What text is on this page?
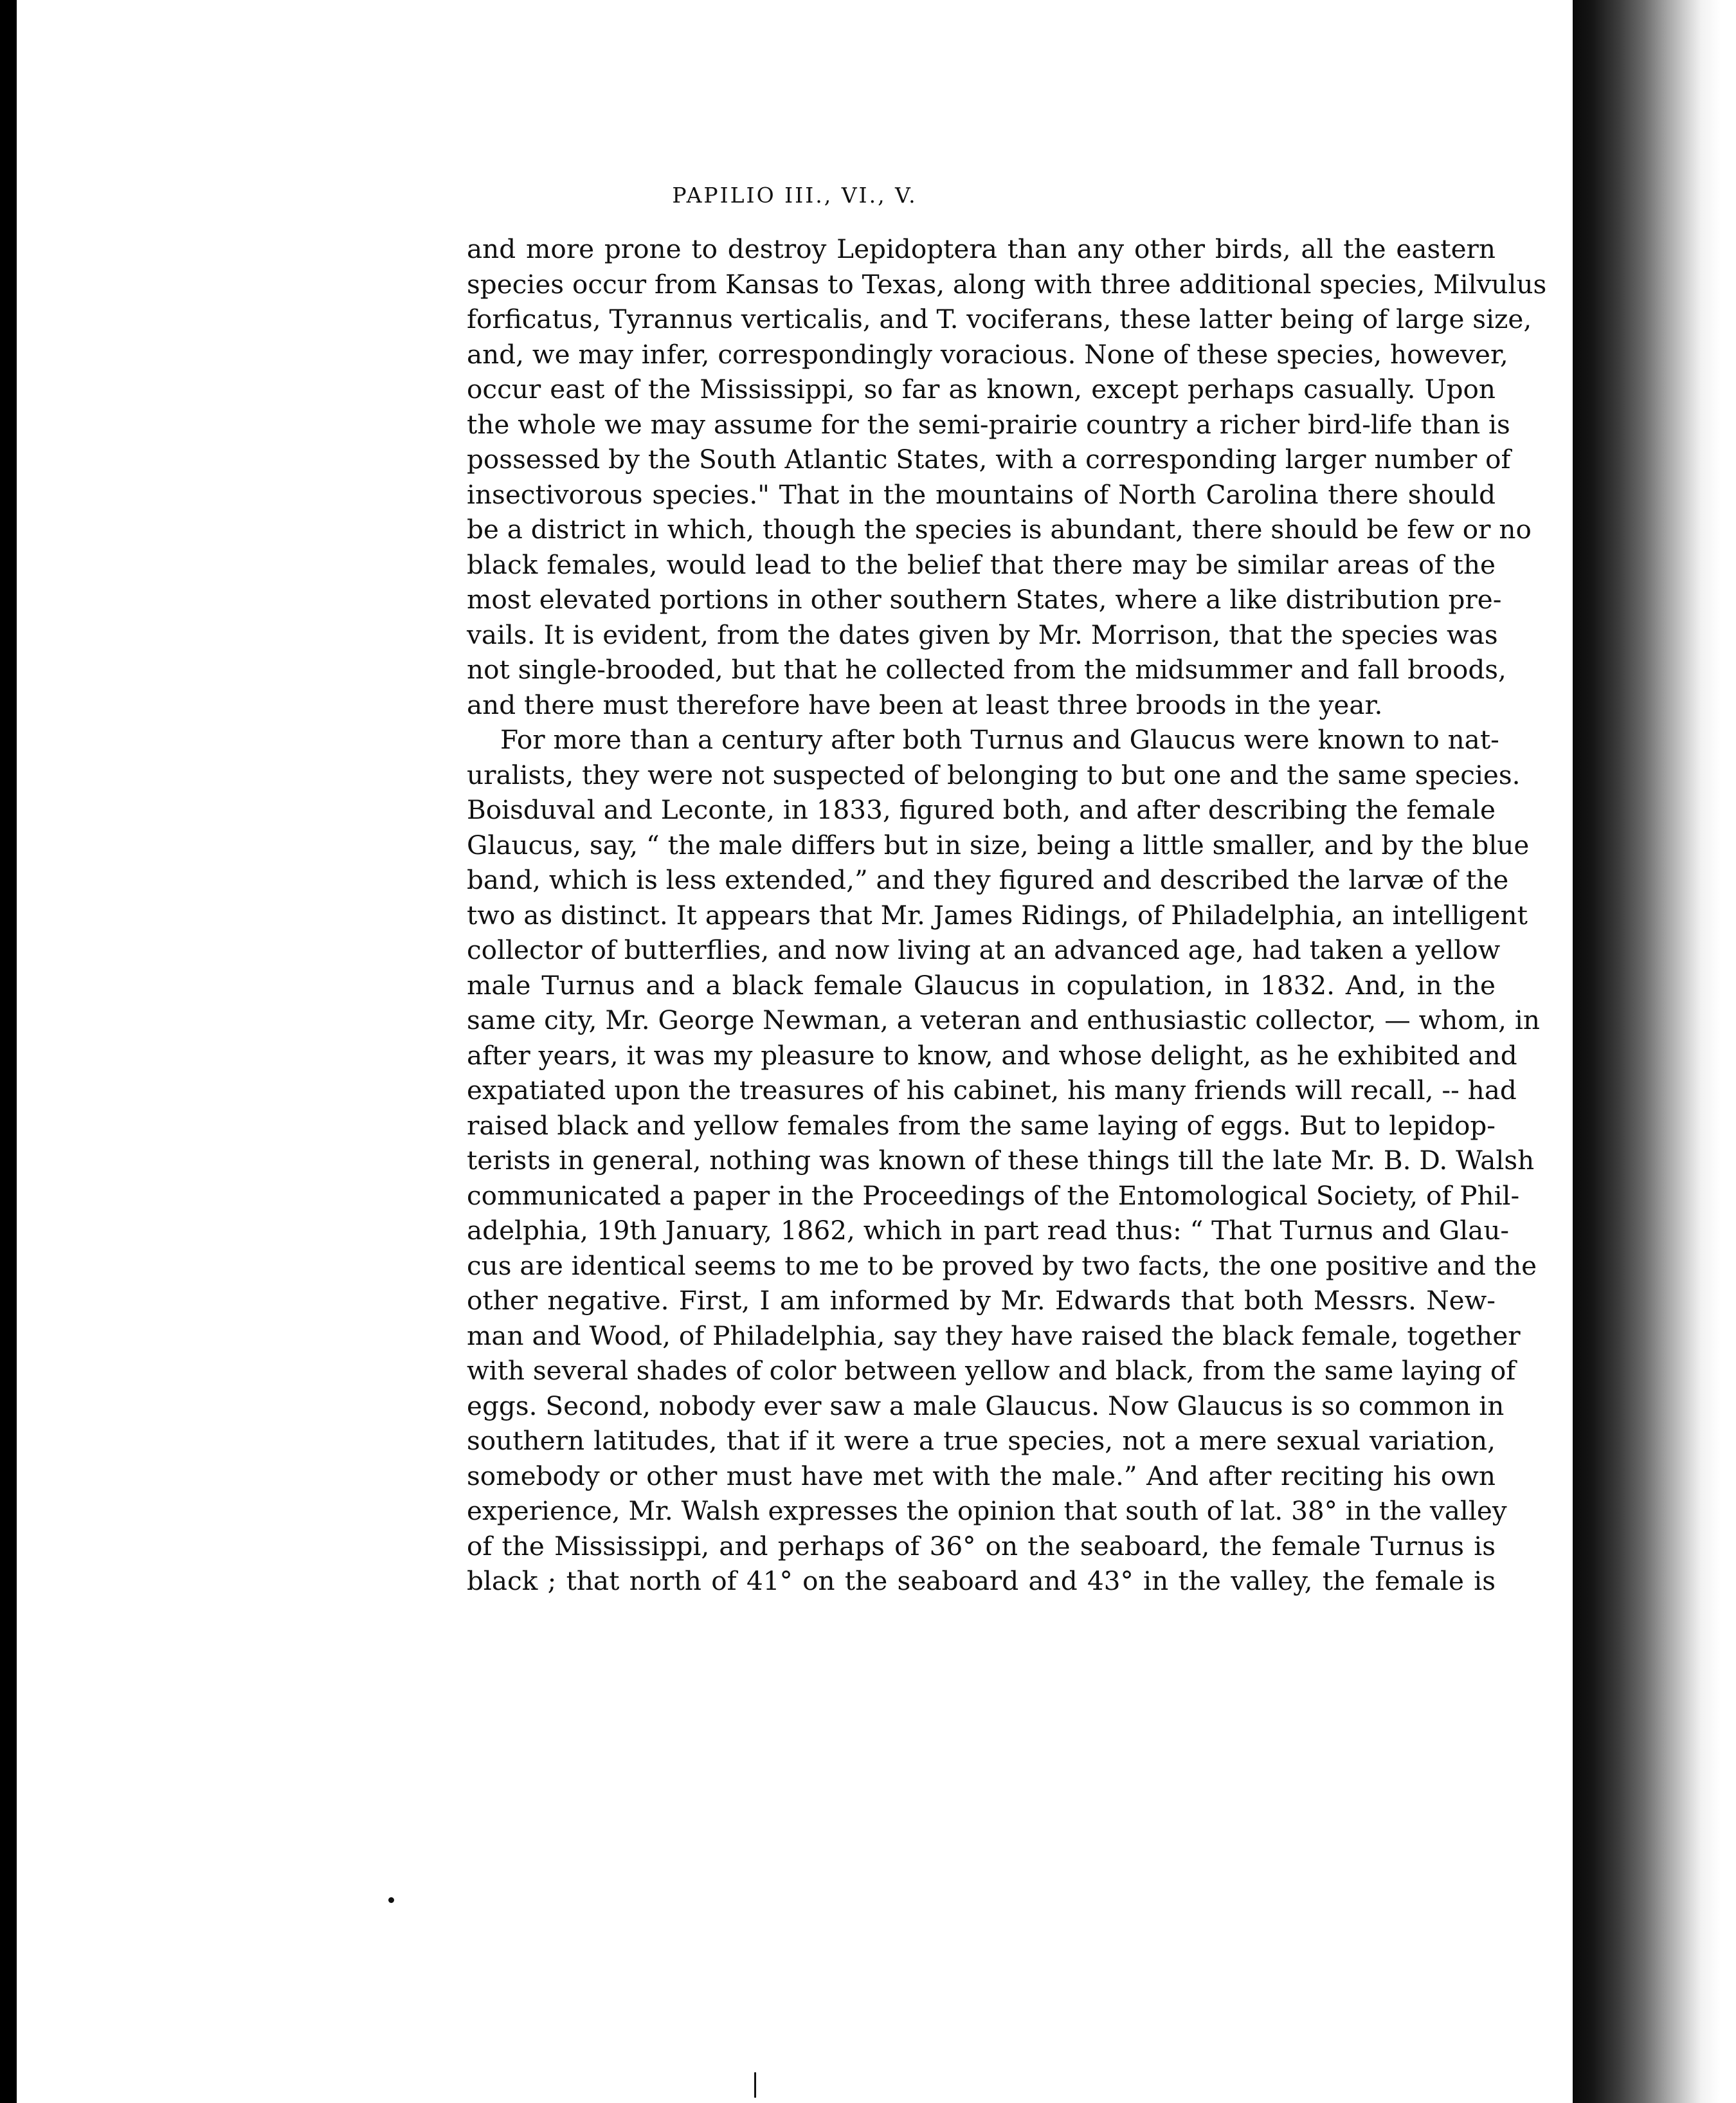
PAPILIO III., VI., V.
and more prone to destroy Lepidoptera than any other birds, all the eastern
species occur from Kansas to Texas, along with three additional species, Milvulus
forficatus, Tyrannus verticalis, and T. vociferans, these latter being of large size,
and, we may infer, correspondingly voracious. None of these species, however,
occur east of the Mississippi, so far as known, except perhaps casually. Upon
the whole we may assume for the semi-prairie country a richer bird-life than is
possessed by the South Atlantic States, with a corresponding larger number of
insectivorous species." That in the mountains of North Carolina there should
be a district in which, though the species is abundant, there should be few or no
black females, would lead to the belief that there may be similar areas of the
most elevated portions in other southern States, where a like distribution pre-
vails. It is evident, from the dates given by Mr. Morrison, that the species was
not single-brooded, but that he collected from the midsummer and fall broods,
and there must therefore have been at least three broods in the year.
For more than a century after both Turnus and Glaucus were known to nat-
uralists, they were not suspected of belonging to but one and the same species.
Boisduval and Leconte, in 1833, figured both, and after describing the female
Glaucus, say, “ the male differs but in size, being a little smaller, and by the blue
band, which is less extended,” and they figured and described the larvæ of the
two as distinct. It appears that Mr. James Ridings, of Philadelphia, an intelligent
collector of butterflies, and now living at an advanced age, had taken a yellow
male Turnus and a black female Glaucus in copulation, in 1832. And, in the
same city, Mr. George Newman, a veteran and enthusiastic collector, — whom, in
after years, it was my pleasure to know, and whose delight, as he exhibited and
expatiated upon the treasures of his cabinet, his many friends will recall, -- had
raised black and yellow females from the same laying of eggs. But to lepidop-
terists in general, nothing was known of these things till the late Mr. B. D. Walsh
communicated a paper in the Proceedings of the Entomological Society, of Phil-
adelphia, 19th January, 1862, which in part read thus: “ That Turnus and Glau-
cus are identical seems to me to be proved by two facts, the one positive and the
other negative. First, I am informed by Mr. Edwards that both Messrs. New-
man and Wood, of Philadelphia, say they have raised the black female, together
with several shades of color between yellow and black, from the same laying of
eggs. Second, nobody ever saw a male Glaucus. Now Glaucus is so common in
southern latitudes, that if it were a true species, not a mere sexual variation,
somebody or other must have met with the male.” And after reciting his own
experience, Mr. Walsh expresses the opinion that south of lat. 38° in the valley
of the Mississippi, and perhaps of 36° on the seaboard, the female Turnus is
black ; that north of 41° on the seaboard and 43° in the valley, the female is
